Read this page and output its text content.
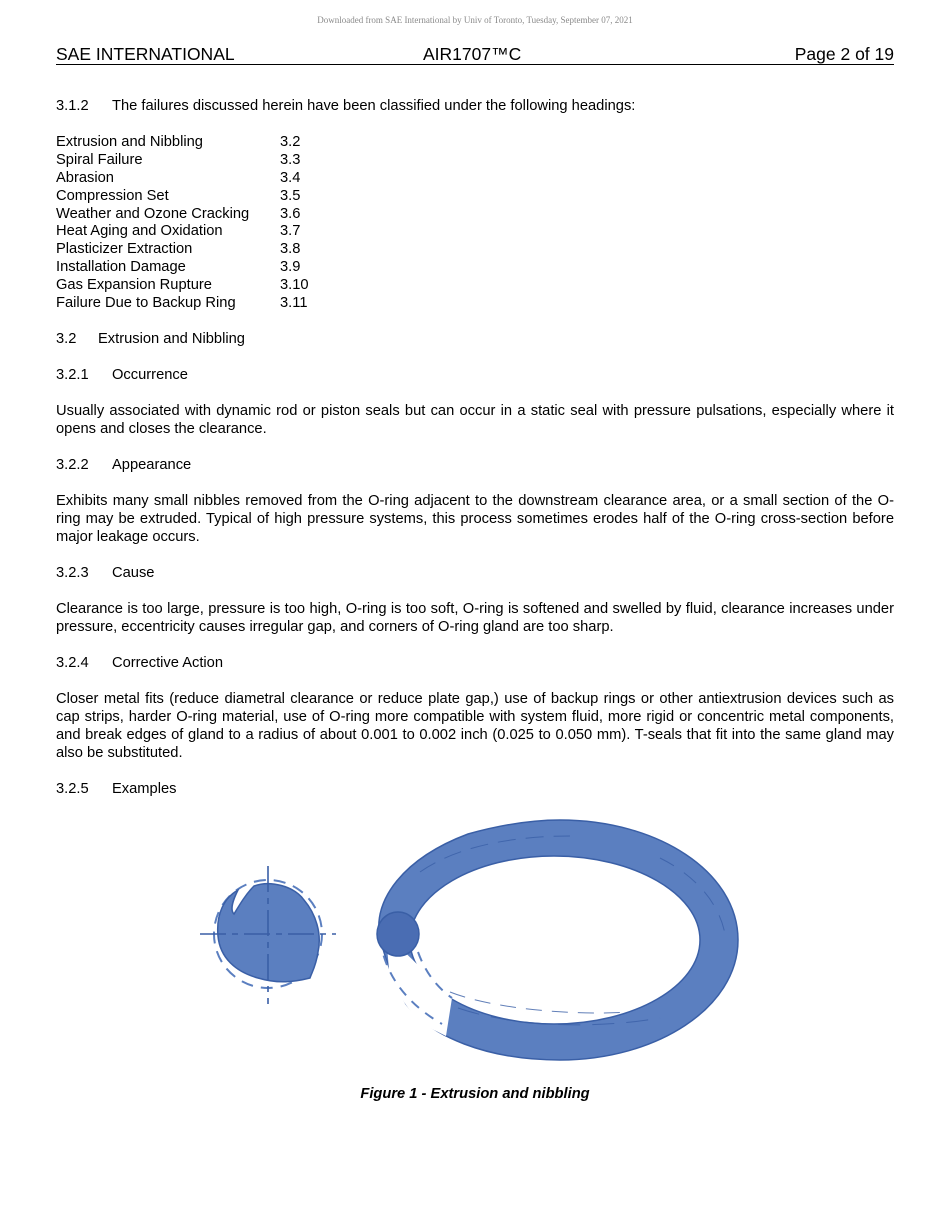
Downloaded from SAE International by Univ of Toronto, Tuesday, September 07, 2021
SAE INTERNATIONAL	AIR1707™C	Page 2 of 19
3.1.2 The failures discussed herein have been classified under the following headings:
Extrusion and Nibbling	3.2
Spiral Failure	3.3
Abrasion	3.4
Compression Set	3.5
Weather and Ozone Cracking	3.6
Heat Aging and Oxidation	3.7
Plasticizer Extraction	3.8
Installation Damage	3.9
Gas Expansion Rupture	3.10
Failure Due to Backup Ring	3.11
3.2 Extrusion and Nibbling
3.2.1 Occurrence

Usually associated with dynamic rod or piston seals but can occur in a static seal with pressure pulsations, especially where it opens and closes the clearance.

3.2.2 Appearance

Exhibits many small nibbles removed from the O-ring adjacent to the downstream clearance area, or a small section of the O-ring may be extruded. Typical of high pressure systems, this process sometimes erodes half of the O-ring cross-section before major leakage occurs.

3.2.3 Cause

Clearance is too large, pressure is too high, O-ring is too soft, O-ring is softened and swelled by fluid, clearance increases under pressure, eccentricity causes irregular gap, and corners of O-ring gland are too sharp.

3.2.4 Corrective Action

Closer metal fits (reduce diametral clearance or reduce plate gap,) use of backup rings or other antiextrusion devices such as cap strips, harder O-ring material, use of O-ring more compatible with system fluid, more rigid or concentric metal components, and break edges of gland to a radius of about 0.001 to 0.002 inch (0.025 to 0.050 mm). T-seals that fit into the same gland may also be substituted.

3.2.5 Examples
Figure 1 - Extrusion and nibbling
